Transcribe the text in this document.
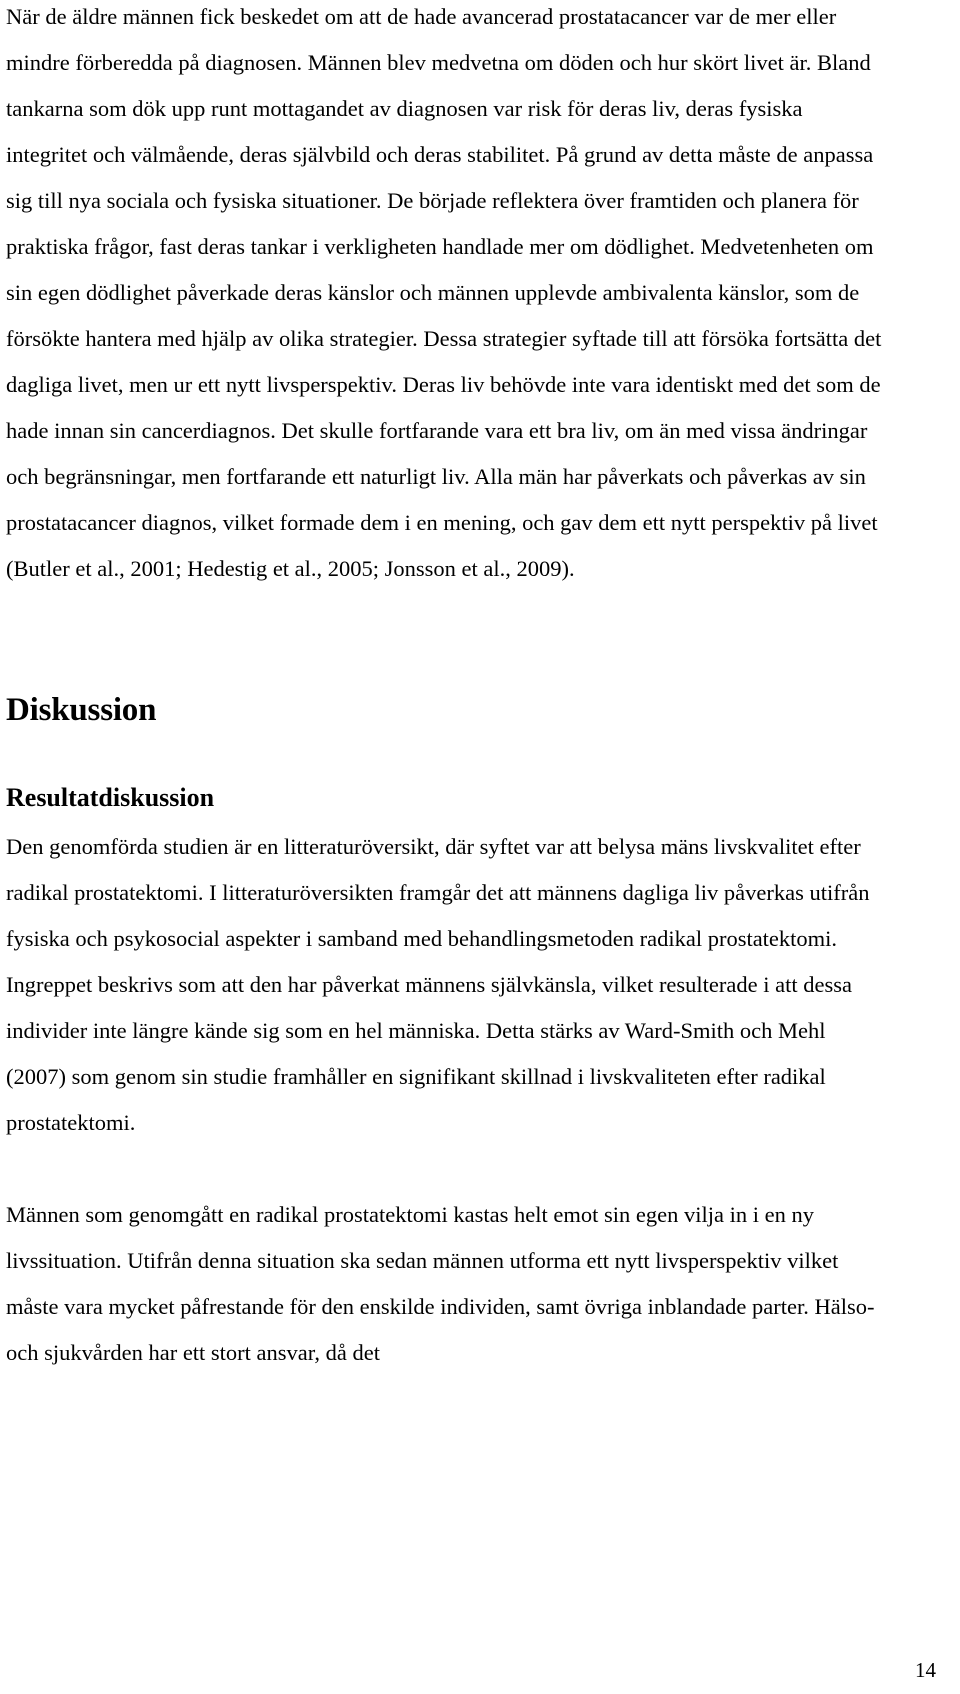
När de äldre männen fick beskedet om att de hade avancerad prostatacancer var de mer eller mindre förberedda på diagnosen. Männen blev medvetna om döden och hur skört livet är. Bland tankarna som dök upp runt mottagandet av diagnosen var risk för deras liv, deras fysiska integritet och välmående, deras självbild och deras stabilitet. På grund av detta måste de anpassa sig till nya sociala och fysiska situationer. De började reflektera över framtiden och planera för praktiska frågor, fast deras tankar i verkligheten handlade mer om dödlighet. Medvetenheten om sin egen dödlighet påverkade deras känslor och männen upplevde ambivalenta känslor, som de försökte hantera med hjälp av olika strategier. Dessa strategier syftade till att försöka fortsätta det dagliga livet, men ur ett nytt livsperspektiv. Deras liv behövde inte vara identiskt med det som de hade innan sin cancerdiagnos. Det skulle fortfarande vara ett bra liv, om än med vissa ändringar och begränsningar, men fortfarande ett naturligt liv. Alla män har påverkats och påverkas av sin prostatacancer diagnos, vilket formade dem i en mening, och gav dem ett nytt perspektiv på livet (Butler et al., 2001; Hedestig et al., 2005; Jonsson et al., 2009).

Diskussion
Resultatdiskussion

Den genomförda studien är en litteraturöversikt, där syftet var att belysa mäns livskvalitet efter radikal prostatektomi. I litteraturöversikten framgår det att männens dagliga liv påverkas utifrån fysiska och psykosocial aspekter i samband med behandlingsmetoden radikal prostatektomi. Ingreppet beskrivs som att den har påverkat männens självkänsla, vilket resulterade i att dessa individer inte längre kände sig som en hel människa. Detta stärks av Ward-Smith och Mehl (2007) som genom sin studie framhåller en signifikant skillnad i livskvaliteten efter radikal prostatektomi.

Männen som genomgått en radikal prostatektomi kastas helt emot sin egen vilja in i en ny livssituation. Utifrån denna situation ska sedan männen utforma ett nytt livsperspektiv vilket måste vara mycket påfrestande för den enskilde individen, samt övriga inblandade parter. Hälso- och sjukvården har ett stort ansvar, då det

14
